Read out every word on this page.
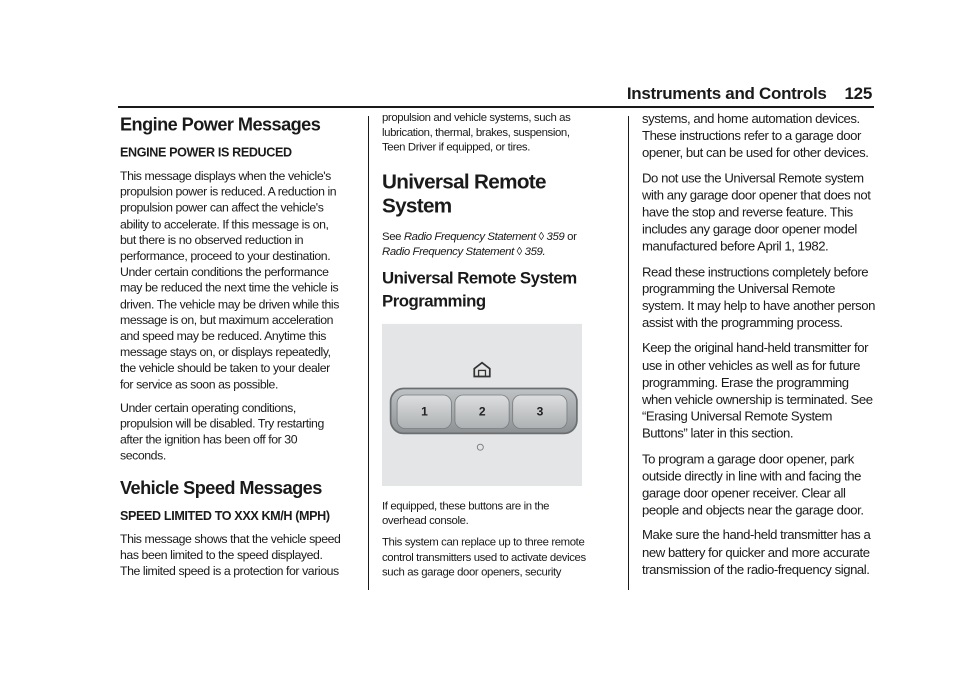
Instruments and Controls 125
Engine Power Messages
ENGINE POWER IS REDUCED

This message displays when the vehicle's propulsion power is reduced. A reduction in propulsion power can affect the vehicle's ability to accelerate. If this message is on, but there is no observed reduction in performance, proceed to your destination. Under certain conditions the performance may be reduced the next time the vehicle is driven. The vehicle may be driven while this message is on, but maximum acceleration and speed may be reduced. Anytime this message stays on, or displays repeatedly, the vehicle should be taken to your dealer for service as soon as possible.

Under certain operating conditions, propulsion will be disabled. Try restarting after the ignition has been off for 30 seconds.

Vehicle Speed Messages
SPEED LIMITED TO XXX KM/H (MPH)

This message shows that the vehicle speed has been limited to the speed displayed. The limited speed is a protection for various

propulsion and vehicle systems, such as lubrication, thermal, brakes, suspension, Teen Driver if equipped, or tires.

Universal Remote System

See Radio Frequency Statement ◊ 359 or Radio Frequency Statement ◊ 359.

Universal Remote System
Programming
1	2	3

If equipped, these buttons are in the overhead console.

This system can replace up to three remote control transmitters used to activate devices such as garage door openers, security

systems, and home automation devices. These instructions refer to a garage door opener, but can be used for other devices.

Do not use the Universal Remote system with any garage door opener that does not have the stop and reverse feature. This includes any garage door opener model manufactured before April 1, 1982.

Read these instructions completely before programming the Universal Remote system. It may help to have another person assist with the programming process.

Keep the original hand-held transmitter for use in other vehicles as well as for future programming. Erase the programming when vehicle ownership is terminated. See “Erasing Universal Remote System Buttons” later in this section.

To program a garage door opener, park outside directly in line with and facing the garage door opener receiver. Clear all people and objects near the garage door.

Make sure the hand-held transmitter has a new battery for quicker and more accurate transmission of the radio-frequency signal.
